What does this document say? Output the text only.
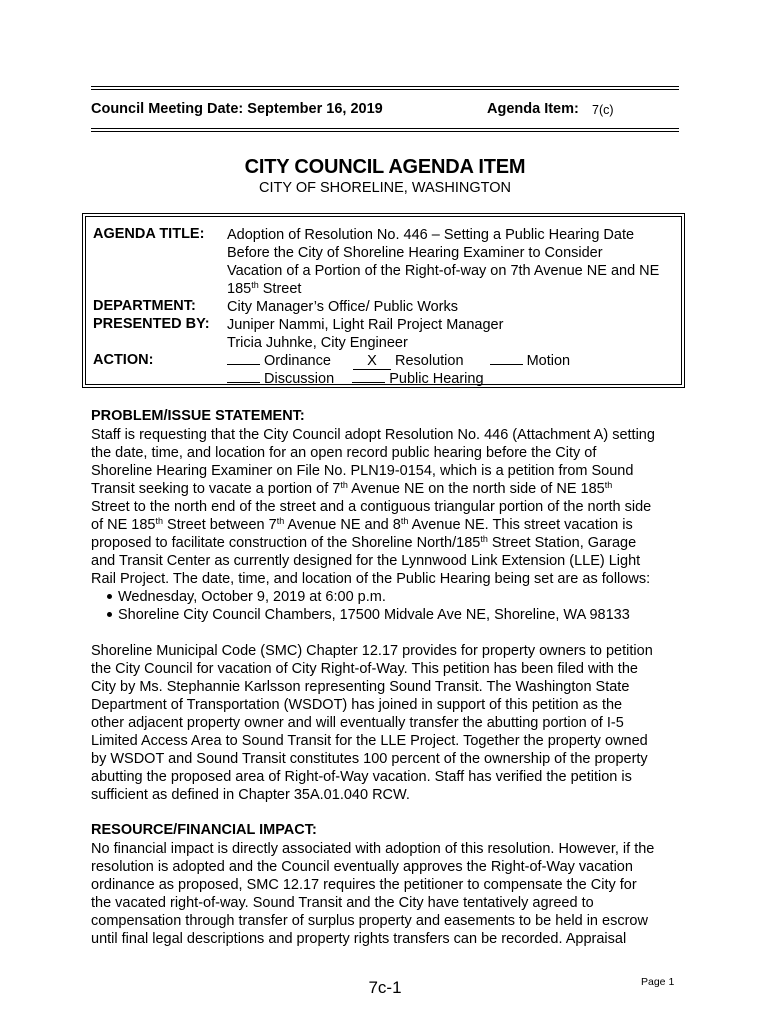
Council Meeting Date: September 16, 2019	Agenda Item: 7(c)
CITY COUNCIL AGENDA ITEM
CITY OF SHORELINE, WASHINGTON
AGENDA TITLE: Adoption of Resolution No. 446 – Setting a Public Hearing Date
Before the City of Shoreline Hearing Examiner to Consider
Vacation of a Portion of the Right-of-way on 7th Avenue NE and NE
185th Street
DEPARTMENT: City Manager’s Office/ Public Works
PRESENTED BY: Juniper Nammi, Light Rail Project Manager
Tricia Juhnke, City Engineer
ACTION:	Ordinance X Resolution	Motion
Discussion	Public Hearing
PROBLEM/ISSUE STATEMENT:
Staff is requesting that the City Council adopt Resolution No. 446 (Attachment A) setting
the date, time, and location for an open record public hearing before the City of
Shoreline Hearing Examiner on File No. PLN19-0154, which is a petition from Sound
Transit seeking to vacate a portion of 7th Avenue NE on the north side of NE 185th
Street to the north end of the street and a contiguous triangular portion of the north side
of NE 185th Street between 7th Avenue NE and 8th Avenue NE. This street vacation is
proposed to facilitate construction of the Shoreline North/185th Street Station, Garage
and Transit Center as currently designed for the Lynnwood Link Extension (LLE) Light
Rail Project. The date, time, and location of the Public Hearing being set are as follows:
Wednesday, October 9, 2019 at 6:00 p.m.
Shoreline City Council Chambers, 17500 Midvale Ave NE, Shoreline, WA 98133
Shoreline Municipal Code (SMC) Chapter 12.17 provides for property owners to petition
the City Council for vacation of City Right-of-Way. This petition has been filed with the
City by Ms. Stephannie Karlsson representing Sound Transit. The Washington State
Department of Transportation (WSDOT) has joined in support of this petition as the
other adjacent property owner and will eventually transfer the abutting portion of I-5
Limited Access Area to Sound Transit for the LLE Project. Together the property owned
by WSDOT and Sound Transit constitutes 100 percent of the ownership of the property
abutting the proposed area of Right-of-Way vacation. Staff has verified the petition is
sufficient as defined in Chapter 35A.01.040 RCW.
RESOURCE/FINANCIAL IMPACT:
No financial impact is directly associated with adoption of this resolution. However, if the
resolution is adopted and the Council eventually approves the Right-of-Way vacation
ordinance as proposed, SMC 12.17 requires the petitioner to compensate the City for
the vacated right-of-way. Sound Transit and the City have tentatively agreed to
compensation through transfer of surplus property and easements to be held in escrow
until final legal descriptions and property rights transfers can be recorded. Appraisal
7c-1	Page 1
